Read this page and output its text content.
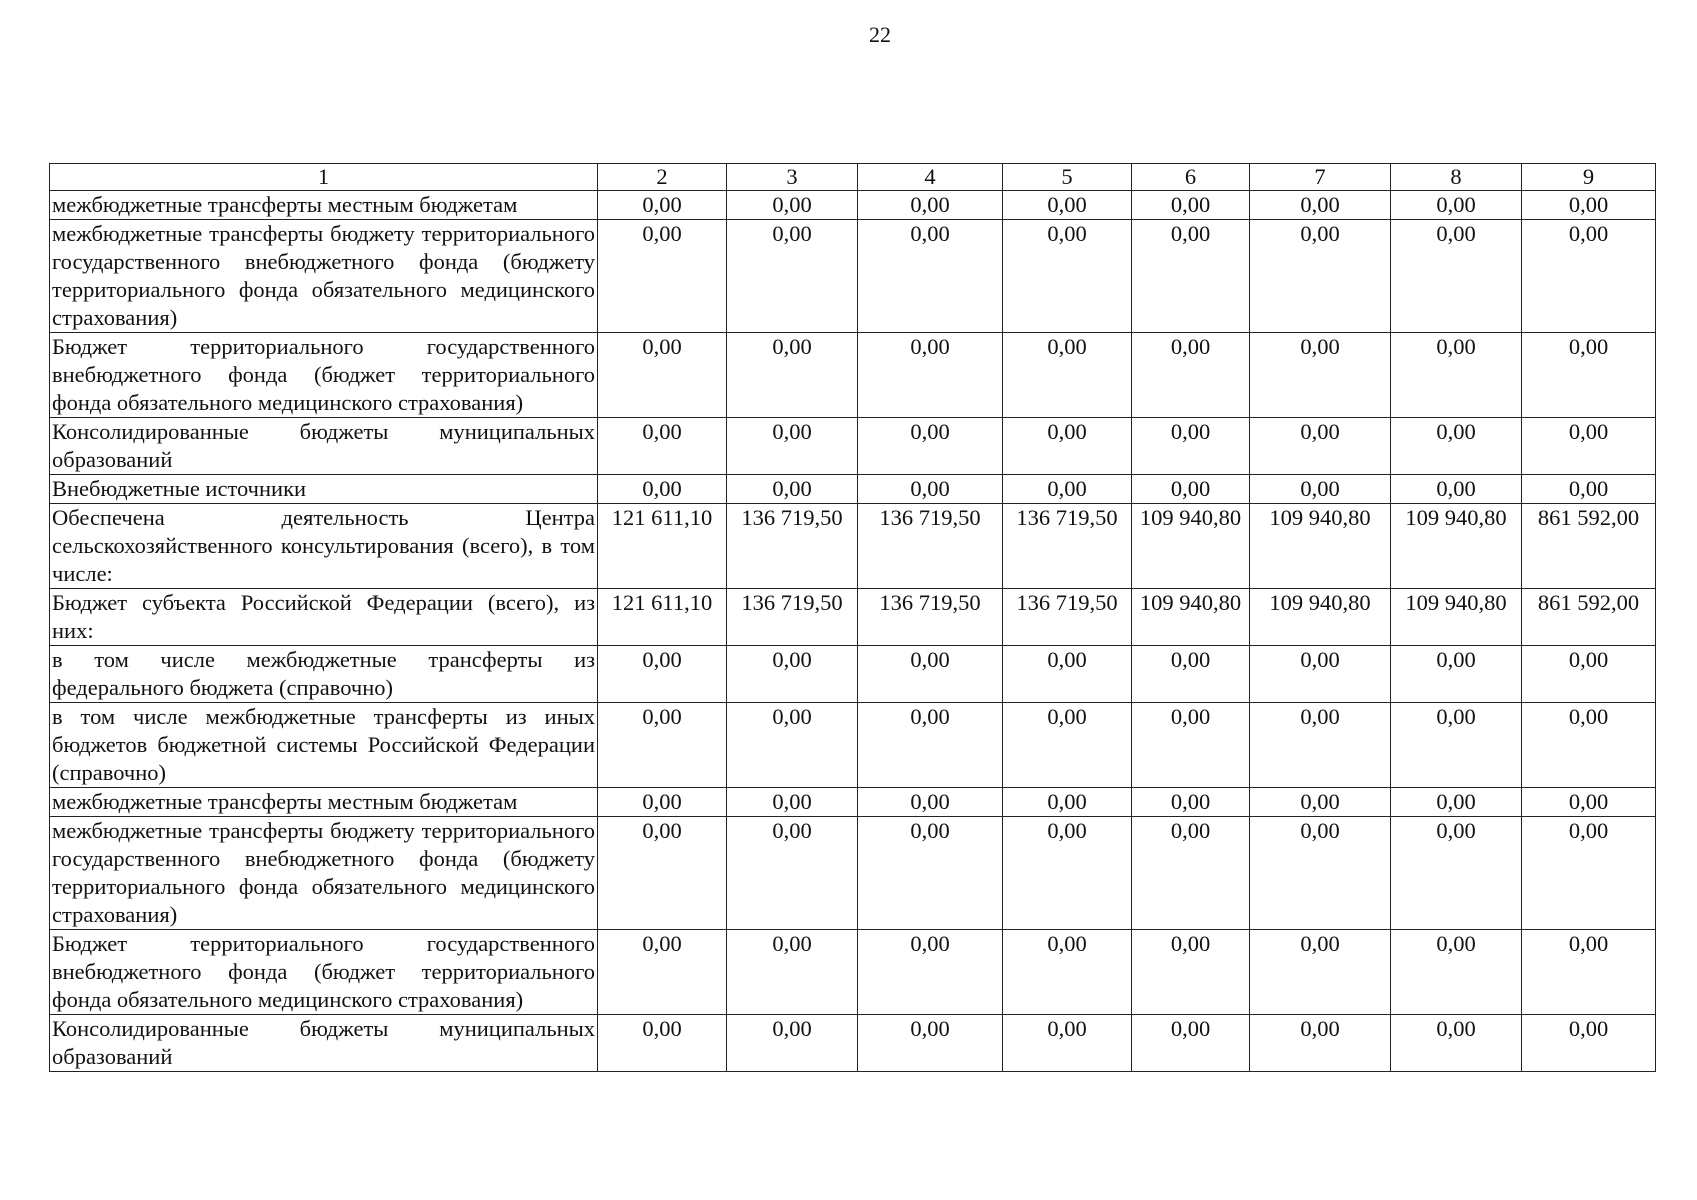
22
1	2	3	4	5	6	7	8	9
межбюджетные трансферты местным бюджетам	0,00	0,00	0,00	0,00	0,00	0,00	0,00	0,00
межбюджетные трансферты бюджету территориального государственного внебюджетного фонда (бюджету территориального фонда обязательного медицинского страхования)	0,00	0,00	0,00	0,00	0,00	0,00	0,00	0,00
Бюджет территориального государственного внебюджетного фонда (бюджет территориального фонда обязательного медицинского страхования)	0,00	0,00	0,00	0,00	0,00	0,00	0,00	0,00
Консолидированные бюджеты муниципальных образований	0,00	0,00	0,00	0,00	0,00	0,00	0,00	0,00
Внебюджетные источники	0,00	0,00	0,00	0,00	0,00	0,00	0,00	0,00
Обеспечена деятельность Центра сельскохозяйственного консультирования (всего), в том числе:	121 611,10	136 719,50	136 719,50	136 719,50	109 940,80	109 940,80	109 940,80	861 592,00
Бюджет субъекта Российской Федерации (всего), из них:	121 611,10	136 719,50	136 719,50	136 719,50	109 940,80	109 940,80	109 940,80	861 592,00
в том числе межбюджетные трансферты из федерального бюджета (справочно)	0,00	0,00	0,00	0,00	0,00	0,00	0,00	0,00
в том числе межбюджетные трансферты из иных бюджетов бюджетной системы Российской Федерации (справочно)	0,00	0,00	0,00	0,00	0,00	0,00	0,00	0,00
межбюджетные трансферты местным бюджетам	0,00	0,00	0,00	0,00	0,00	0,00	0,00	0,00
межбюджетные трансферты бюджету территориального государственного внебюджетного фонда (бюджету территориального фонда обязательного медицинского страхования)	0,00	0,00	0,00	0,00	0,00	0,00	0,00	0,00
Бюджет территориального государственного внебюджетного фонда (бюджет территориального фонда обязательного медицинского страхования)	0,00	0,00	0,00	0,00	0,00	0,00	0,00	0,00
Консолидированные бюджеты муниципальных образований	0,00	0,00	0,00	0,00	0,00	0,00	0,00	0,00
